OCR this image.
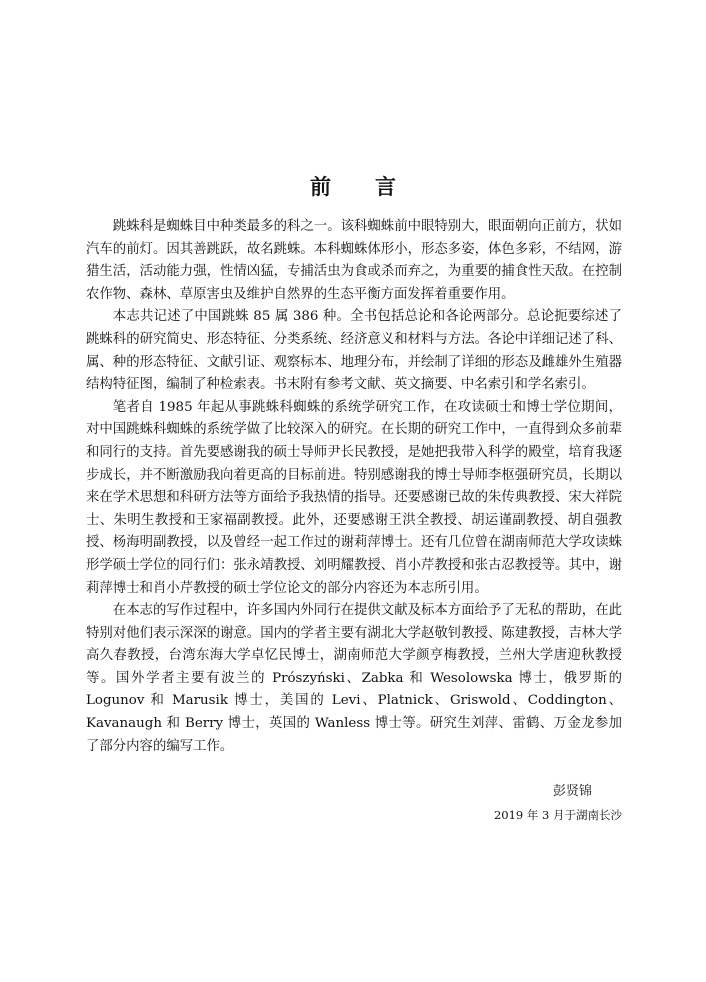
前言

跳蛛科是蜘蛛目中种类最多的科之一。该科蜘蛛前中眼特别大，眼面朝向正前方，状如汽车的前灯。因其善跳跃，故名跳蛛。本科蜘蛛体形小，形态多姿，体色多彩，不结网，游猎生活，活动能力强，性情凶猛，专捕活虫为食或杀而弃之，为重要的捕食性天敌。在控制农作物、森林、草原害虫及维护自然界的生态平衡方面发挥着重要作用。

本志共记述了中国跳蛛 85 属 386 种。全书包括总论和各论两部分。总论扼要综述了跳蛛科的研究简史、形态特征、分类系统、经济意义和材料与方法。各论中详细记述了科、属、种的形态特征、文献引证、观察标本、地理分布，并绘制了详细的形态及雌雄外生殖器结构特征图，编制了种检索表。书末附有参考文献、英文摘要、中名索引和学名索引。

笔者自 1985 年起从事跳蛛科蜘蛛的系统学研究工作，在攻读硕士和博士学位期间，对中国跳蛛科蜘蛛的系统学做了比较深入的研究。在长期的研究工作中，一直得到众多前辈和同行的支持。首先要感谢我的硕士导师尹长民教授，是她把我带入科学的殿堂，培育我逐步成长，并不断激励我向着更高的目标前进。特别感谢我的博士导师李枢强研究员，长期以来在学术思想和科研方法等方面给予我热情的指导。还要感谢已故的朱传典教授、宋大祥院士、朱明生教授和王家福副教授。此外，还要感谢王洪全教授、胡运谨副教授、胡自强教授、杨海明副教授，以及曾经一起工作过的谢莉萍博士。还有几位曾在湖南师范大学攻读蛛形学硕士学位的同行们：张永靖教授、刘明耀教授、肖小芹教授和张古忍教授等。其中，谢莉萍博士和肖小芹教授的硕士学位论文的部分内容还为本志所引用。

在本志的写作过程中，许多国内外同行在提供文献及标本方面给予了无私的帮助，在此特别对他们表示深深的谢意。国内的学者主要有湖北大学赵敬钊教授、陈建教授，吉林大学高久春教授，台湾东海大学卓忆民博士，湖南师范大学颜亨梅教授，兰州大学唐迎秋教授等。国外学者主要有波兰的 Prószyński、Zabka 和 Wesolowska 博士，俄罗斯的 Logunov 和 Marusik 博士，美国的 Levi、Platnick、Griswold、Coddington、Kavanaugh 和 Berry 博士，英国的 Wanless 博士等。研究生刘萍、雷鹤、万金龙参加了部分内容的编写工作。

彭贤锦
2019 年 3 月于湖南长沙
